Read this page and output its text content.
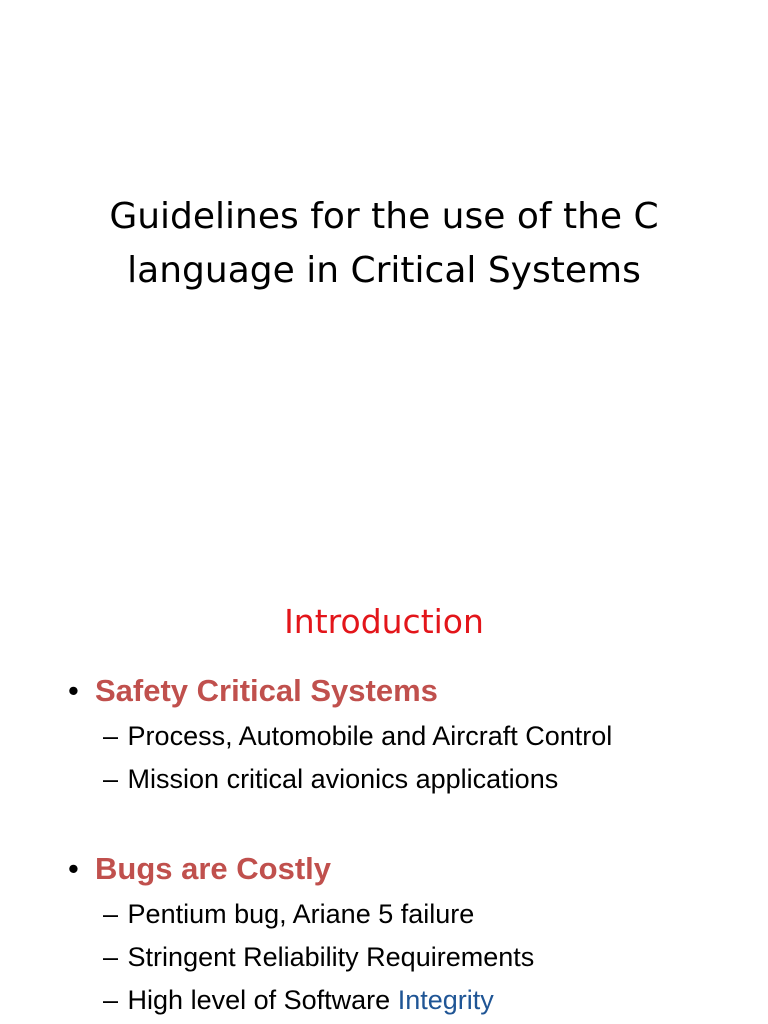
Guidelines for the use of the C
language in Critical Systems
Introduction
• Safety Critical Systems
– Process, Automobile and Aircraft Control
– Mission critical avionics applications
• Bugs are Costly
– Pentium bug, Ariane 5 failure
– Stringent Reliability Requirements
– High level of Software Integrity
